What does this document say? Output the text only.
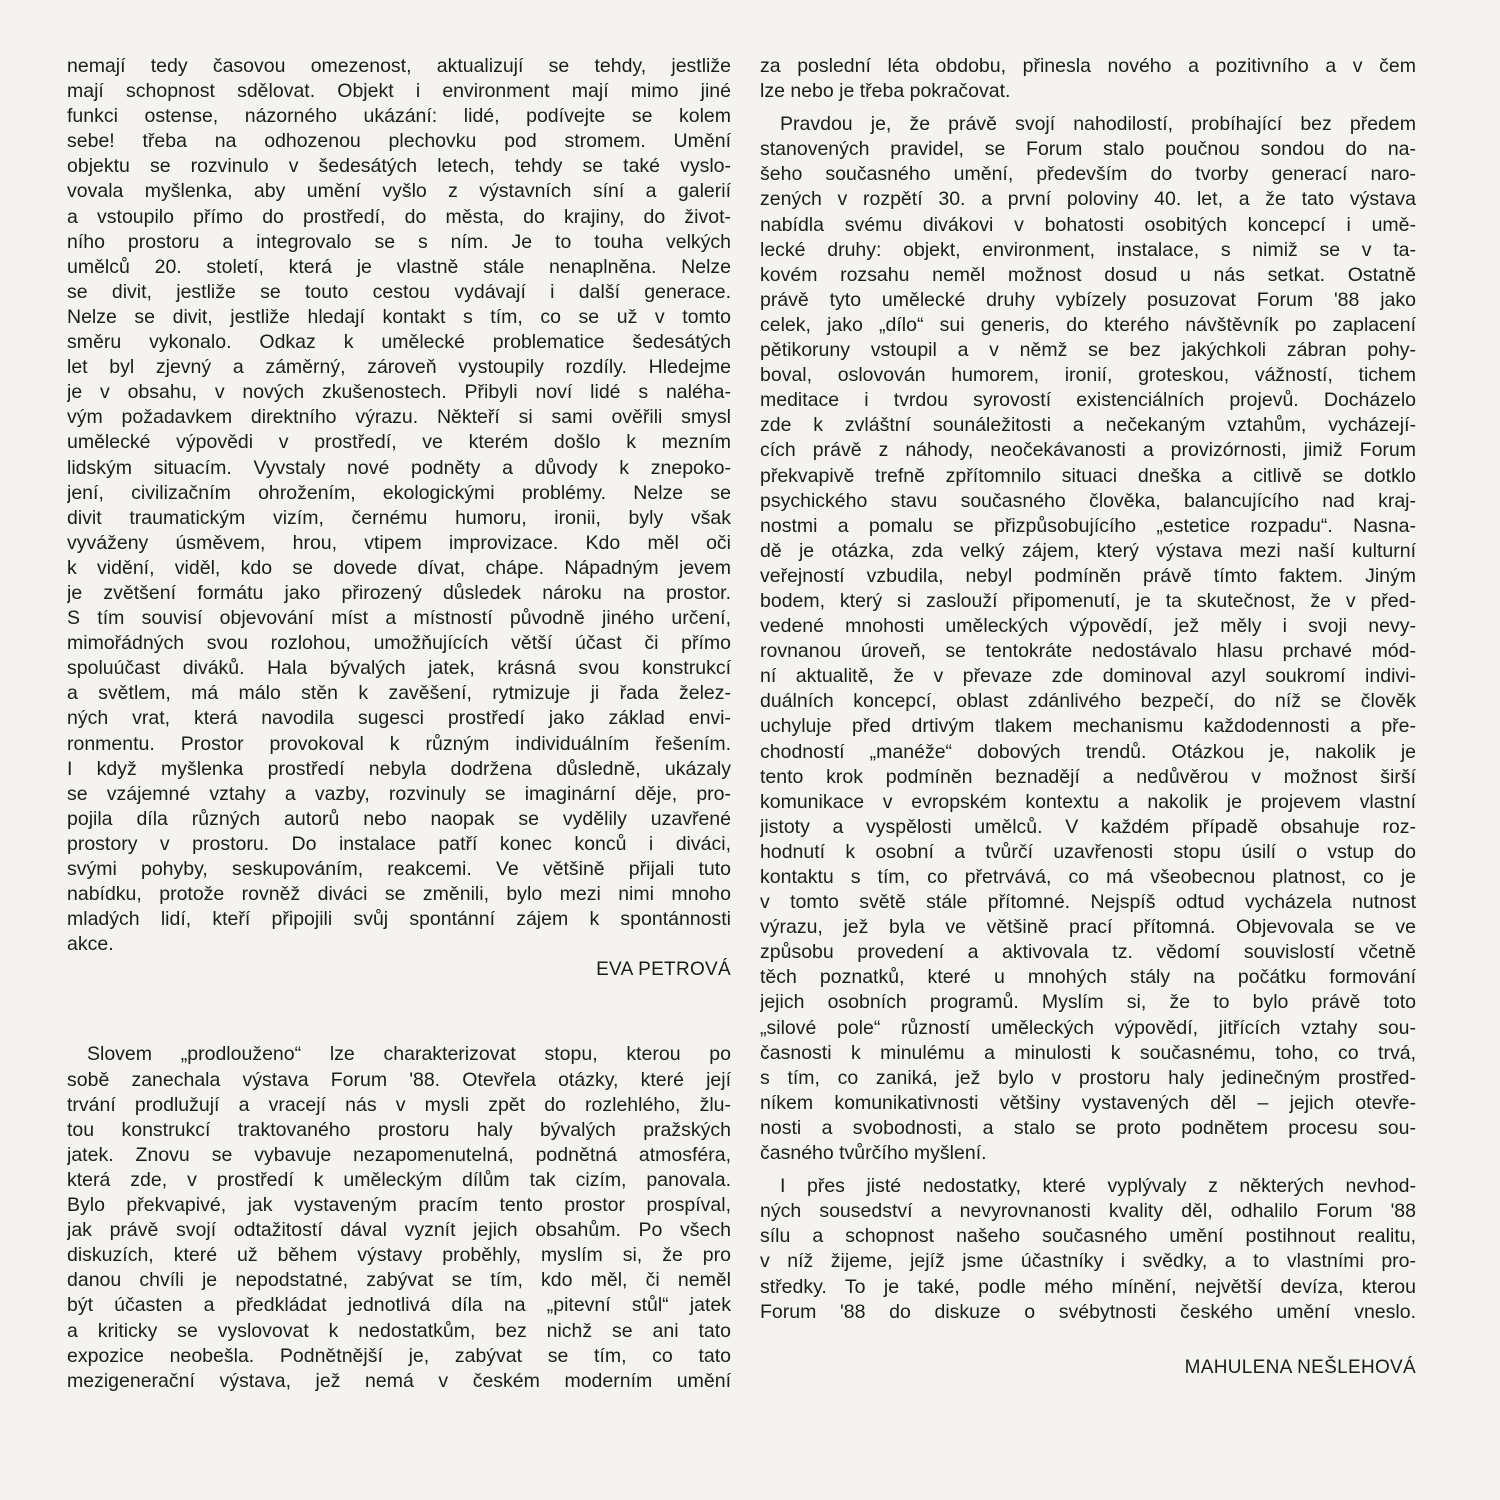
nemají tedy časovou omezenost, aktualizují se tehdy, jestliže
mají schopnost sdělovat. Objekt i environment mají mimo jiné
funkci ostense, názorného ukázání: lidé, podívejte se kolem
sebe! třeba na odhozenou plechovku pod stromem. Umění
objektu se rozvinulo v šedesátých letech, tehdy se také vyslo-
vovala myšlenka, aby umění vyšlo z výstavních síní a galerií
a vstoupilo přímo do prostředí, do města, do krajiny, do život-
ního prostoru a integrovalo se s ním. Je to touha velkých
umělců 20. století, která je vlastně stále nenaplněna. Nelze
se divit, jestliže se touto cestou vydávají i další generace.
Nelze se divit, jestliže hledají kontakt s tím, co se už v tomto
směru vykonalo. Odkaz k umělecké problematice šedesátých
let byl zjevný a záměrný, zároveň vystoupily rozdíly. Hledejme
je v obsahu, v nových zkušenostech. Přibyli noví lidé s naléha-
vým požadavkem direktního výrazu. Někteří si sami ověřili smysl
umělecké výpovědi v prostředí, ve kterém došlo k mezním
lidským situacím. Vyvstaly nové podněty a důvody k znepoko-
jení, civilizačním ohrožením, ekologickými problémy. Nelze se
divit traumatickým vizím, černému humoru, ironii, byly však
vyváženy úsměvem, hrou, vtipem improvizace. Kdo měl oči
k vidění, viděl, kdo se dovede dívat, chápe. Nápadným jevem
je zvětšení formátu jako přirozený důsledek nároku na prostor.
S tím souvisí objevování míst a místností původně jiného určení,
mimořádných svou rozlohou, umožňujících větší účast či přímo
spoluúčast diváků. Hala bývalých jatek, krásná svou konstrukcí
a světlem, má málo stěn k zavěšení, rytmizuje ji řada želez-
ných vrat, která navodila sugesci prostředí jako základ envi-
ronmentu. Prostor provokoval k různým individuálním řešením.
I když myšlenka prostředí nebyla dodržena důsledně, ukázaly
se vzájemné vztahy a vazby, rozvinuly se imaginární děje, pro-
pojila díla různých autorů nebo naopak se vydělily uzavřené
prostory v prostoru. Do instalace patří konec konců i diváci,
svými pohyby, seskupováním, reakcemi. Ve většině přijali tuto
nabídku, protože rovněž diváci se změnili, bylo mezi nimi mnoho
mladých lidí, kteří připojili svůj spontánní zájem k spontánnosti
akce.
EVA PETROVÁ
Slovem „prodlouženo“ lze charakterizovat stopu, kterou po
sobě zanechala výstava Forum '88. Otevřela otázky, které její
trvání prodlužují a vracejí nás v mysli zpět do rozlehlého, žlu-
tou konstrukcí traktovaného prostoru haly bývalých pražských
jatek. Znovu se vybavuje nezapomenutelná, podnětná atmosféra,
která zde, v prostředí k uměleckým dílům tak cizím, panovala.
Bylo překvapivé, jak vystaveným pracím tento prostor prospíval,
jak právě svojí odtažitostí dával vyznít jejich obsahům. Po všech
diskuzích, které už během výstavy proběhly, myslím si, že pro
danou chvíli je nepodstatné, zabývat se tím, kdo měl, či neměl
být účasten a předkládat jednotlivá díla na „pitevní stůl“ jatek
a kriticky se vyslovovat k nedostatkům, bez nichž se ani tato
expozice neobešla. Podnětnější je, zabývat se tím, co tato
mezigenerační výstava, jež nemá v českém moderním umění
za poslední léta obdobu, přinesla nového a pozitivního a v čem
lze nebo je třeba pokračovat.
Pravdou je, že právě svojí nahodilostí, probíhající bez předem
stanovených pravidel, se Forum stalo poučnou sondou do na-
šeho současného umění, především do tvorby generací naro-
zených v rozpětí 30. a první poloviny 40. let, a že tato výstava
nabídla svému divákovi v bohatosti osobitých koncepcí i umě-
lecké druhy: objekt, environment, instalace, s nimiž se v ta-
kovém rozsahu neměl možnost dosud u nás setkat. Ostatně
právě tyto umělecké druhy vybízely posuzovat Forum '88 jako
celek, jako „dílo“ sui generis, do kterého návštěvník po zaplacení
pětikoruny vstoupil a v němž se bez jakýchkoli zábran pohy-
boval, oslovován humorem, ironií, groteskou, vážností, tichem
meditace i tvrdou syrovostí existenciálních projevů. Docházelo
zde k zvláštní sounáležitosti a nečekaným vztahům, vycházejí-
cích právě z náhody, neočekávanosti a provizórnosti, jimiž Forum
překvapivě trefně zpřítomnilo situaci dneška a citlivě se dotklo
psychického stavu současného člověka, balancujícího nad kraj-
nostmi a pomalu se přizpůsobujícího „estetice rozpadu“. Nasna-
dě je otázka, zda velký zájem, který výstava mezi naší kulturní
veřejností vzbudila, nebyl podmíněn právě tímto faktem. Jiným
bodem, který si zaslouží připomenutí, je ta skutečnost, že v před-
vedené mnohosti uměleckých výpovědí, jež měly i svoji nevy-
rovnanou úroveň, se tentokráte nedostávalo hlasu prchavé mód-
ní aktualitě, že v převaze zde dominoval azyl soukromí indivi-
duálních koncepcí, oblast zdánlivého bezpečí, do níž se člověk
uchyluje před drtivým tlakem mechanismu každodennosti a pře-
chodností „manéže“ dobových trendů. Otázkou je, nakolik je
tento krok podmíněn beznadějí a nedůvěrou v možnost širší
komunikace v evropském kontextu a nakolik je projevem vlastní
jistoty a vyspělosti umělců. V každém případě obsahuje roz-
hodnutí k osobní a tvůrčí uzavřenosti stopu úsilí o vstup do
kontaktu s tím, co přetrvává, co má všeobecnou platnost, co je
v tomto světě stále přítomné. Nejspíš odtud vycházela nutnost
výrazu, jež byla ve většině prací přítomná. Objevovala se ve
způsobu provedení a aktivovala tz. vědomí souvislostí včetně
těch poznatků, které u mnohých stály na počátku formování
jejich osobních programů. Myslím si, že to bylo právě toto
„silové pole“ růzností uměleckých výpovědí, jitřících vztahy sou-
časnosti k minulému a minulosti k současnému, toho, co trvá,
s tím, co zaniká, jež bylo v prostoru haly jedinečným prostřed-
níkem komunikativnosti většiny vystavených děl – jejich otevře-
nosti a svobodnosti, a stalo se proto podnětem procesu sou-
časného tvůrčího myšlení.
I přes jisté nedostatky, které vyplývaly z některých nevhod-
ných sousedství a nevyrovnanosti kvality děl, odhalilo Forum '88
sílu a schopnost našeho současného umění postihnout realitu,
v níž žijeme, jejíž jsme účastníky i svědky, a to vlastními pro-
středky. To je také, podle mého mínění, největší devíza, kterou
Forum '88 do diskuze o svébytnosti českého umění vneslo.
MAHULENA NEŠLEHOVÁ
